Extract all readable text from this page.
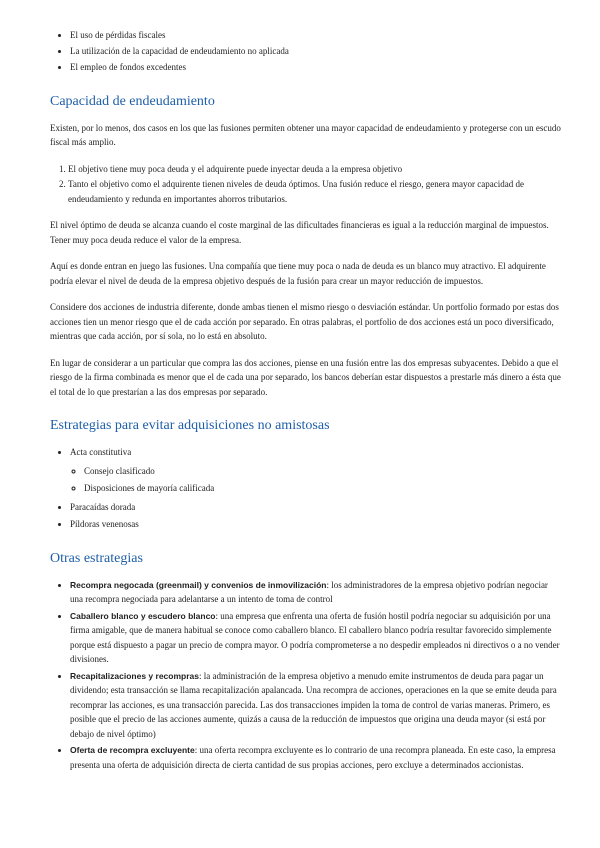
• El uso de pérdidas fiscales
• La utilización de la capacidad de endeudamiento no aplicada
• El empleo de fondos excedentes
Capacidad de endeudamiento

Existen, por lo menos, dos casos en los que las fusiones permiten obtener una mayor capacidad de endeudamiento y protegerse con un escudo fiscal más amplio.

1. El objetivo tiene muy poca deuda y el adquirente puede inyectar deuda a la empresa objetivo
2. Tanto el objetivo como el adquirente tienen niveles de deuda óptimos. Una fusión reduce el riesgo, genera mayor capacidad de endeudamiento y redunda en importantes ahorros tributarios.

El nivel óptimo de deuda se alcanza cuando el coste marginal de las dificultades financieras es igual a la reducción marginal de impuestos. Tener muy poca deuda reduce el valor de la empresa.

Aquí es donde entran en juego las fusiones. Una compañía que tiene muy poca o nada de deuda es un blanco muy atractivo. El adquirente podría elevar el nivel de deuda de la empresa objetivo después de la fusión para crear un mayor reducción de impuestos.

Considere dos acciones de industria diferente, donde ambas tienen el mismo riesgo o desviación estándar. Un portfolio formado por estas dos acciones tien un menor riesgo que el de cada acción por separado. En otras palabras, el portfolio de dos acciones está un poco diversificado, mientras que cada acción, por sí sola, no lo está en absoluto.

En lugar de considerar a un particular que compra las dos acciones, piense en una fusión entre las dos empresas subyacentes. Debido a que el riesgo de la firma combinada es menor que el de cada una por separado, los bancos deberían estar dispuestos a prestarle más dinero a ésta que el total de lo que prestarían a las dos empresas por separado.

Estrategias para evitar adquisiciones no amistosas
• Acta constitutiva
◦ Consejo clasificado
◦ Disposiciones de mayoría calificada
• Paracaídas dorada
• Píldoras venenosas
Otras estrategias
• Recompra negocada (greenmail) y convenios de inmovilización: los administradores de la empresa objetivo podrían negociar una recompra negociada para adelantarse a un intento de toma de control
• Caballero blanco y escudero blanco: una empresa que enfrenta una oferta de fusión hostil podría negociar su adquisición por una firma amigable, que de manera habitual se conoce como caballero blanco. El caballero blanco podría resultar favorecido simplemente porque está dispuesto a pagar un precio de compra mayor. O podría comprometerse a no despedir empleados ni directivos o a no vender divisiones.
• Recapitalizaciones y recompras: la administración de la empresa objetivo a menudo emite instrumentos de deuda para pagar un dividendo; esta transacción se llama recapitalización apalancada. Una recompra de acciones, operaciones en la que se emite deuda para recomprar las acciones, es una transacción parecida. Las dos transacciones impiden la toma de control de varias maneras. Primero, es posible que el precio de las acciones aumente, quizás a causa de la reducción de impuestos que origina una deuda mayor (si está por debajo de nivel óptimo)
• Oferta de recompra excluyente: una oferta recompra excluyente es lo contrario de una recompra planeada. En este caso, la empresa presenta una oferta de adquisición directa de cierta cantidad de sus propias acciones, pero excluye a determinados accionistas.
